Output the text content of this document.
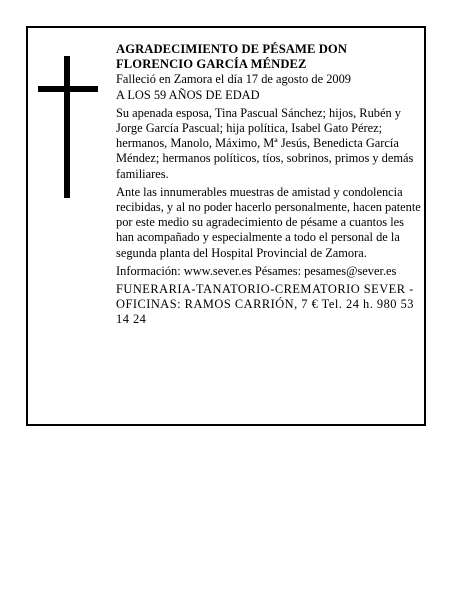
AGRADECIMIENTO DE PÉSAME DON
FLORENCIO GARCÍA MÉNDEZ
Falleció en Zamora el día 17 de agosto de 2009

A LOS 59 AÑOS DE EDAD

Su apenada esposa, Tina Pascual Sánchez; hijos, Rubén y Jorge García Pascual; hija política, Isabel Gato Pérez; hermanos, Manolo, Máximo, Mª Jesús, Benedicta García Méndez; hermanos políticos, tíos, sobrinos, primos y demás familiares.

Ante las innumerables muestras de amistad y condolencia recibidas, y al no poder hacerlo personalmente, hacen patente por este medio su agradecimiento de pésame a cuantos les han acompañado y especialmente a todo el personal de la segunda planta del Hospital Provincial de Zamora.

Información: www.sever.es Pésames: pesames@sever.es

FUNERARIA-TANATORIO-CREMATORIO SEVER - OFICINAS: RAMOS CARRIÓN, 7 € Tel. 24 h. 980 53 14 24
